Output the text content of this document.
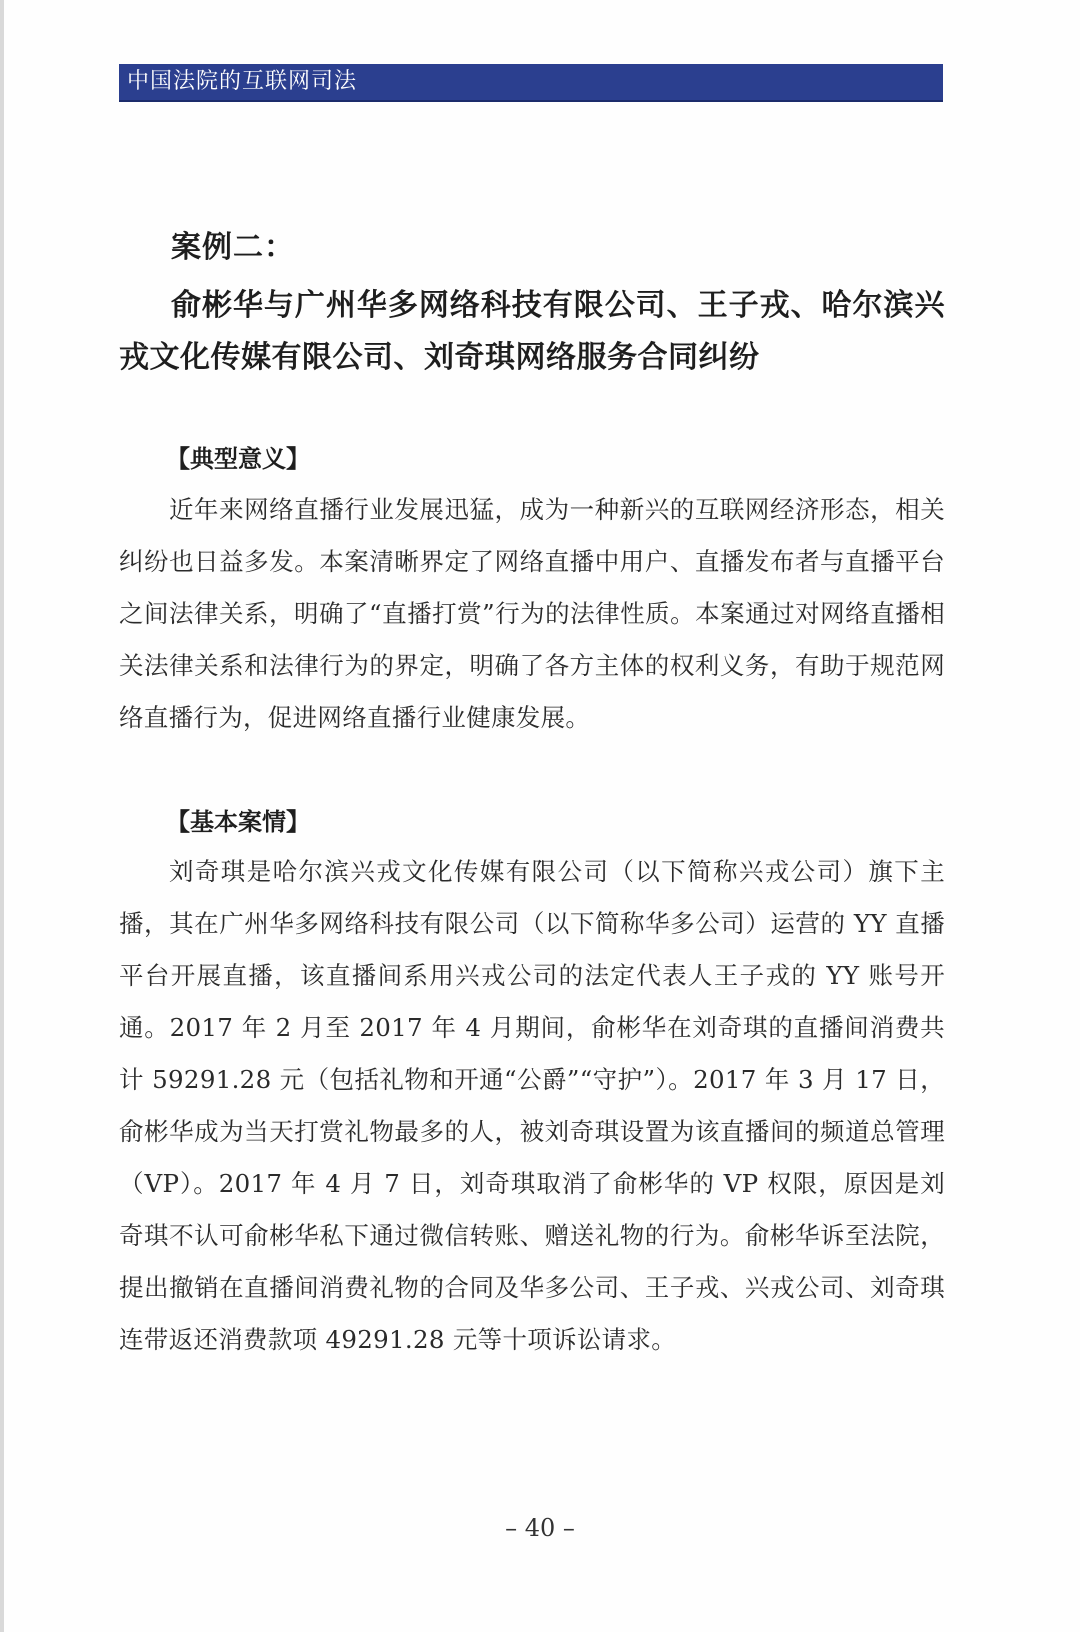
中国法院的互联网司法
案例二：
俞彬华与广州华多网络科技有限公司、王子戎、哈尔滨兴戎文化传媒有限公司、刘奇琪网络服务合同纠纷
【典型意义】
近年来网络直播行业发展迅猛，成为一种新兴的互联网经济形态，相关纠纷也日益多发。本案清晰界定了网络直播中用户、直播发布者与直播平台之间法律关系，明确了“直播打赏”行为的法律性质。本案通过对网络直播相关法律关系和法律行为的界定，明确了各方主体的权利义务，有助于规范网络直播行为，促进网络直播行业健康发展。
【基本案情】
刘奇琪是哈尔滨兴戎文化传媒有限公司（以下简称兴戎公司）旗下主播，其在广州华多网络科技有限公司（以下简称华多公司）运营的 YY 直播平台开展直播，该直播间系用兴戎公司的法定代表人王子戎的 YY 账号开通。2017 年 2 月至 2017 年 4 月期间，俞彬华在刘奇琪的直播间消费共计 59291.28 元（包括礼物和开通“公爵”“守护”）。2017 年 3 月 17 日，俞彬华成为当天打赏礼物最多的人，被刘奇琪设置为该直播间的频道总管理（VP）。2017 年 4 月 7 日，刘奇琪取消了俞彬华的 VP 权限，原因是刘奇琪不认可俞彬华私下通过微信转账、赠送礼物的行为。俞彬华诉至法院，提出撤销在直播间消费礼物的合同及华多公司、王子戎、兴戎公司、刘奇琪连带返还消费款项 49291.28 元等十项诉讼请求。
– 40 –
